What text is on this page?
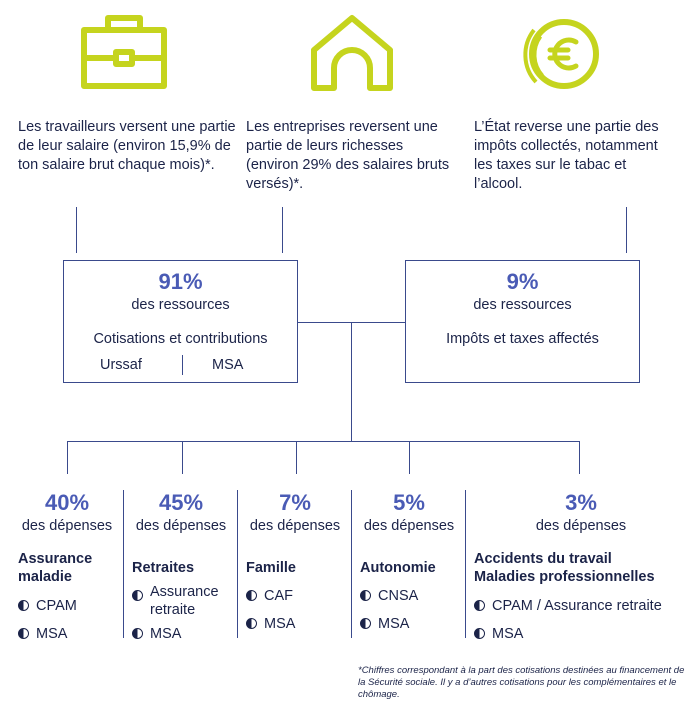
Les travailleurs versent une partie de leur salaire (environ 15,9% de ton salaire brut chaque mois)*.
Les entreprises reversent une partie de leurs richesses (environ 29% des salaires bruts versés)*.
L’État reverse une partie des impôts collectés, notamment les taxes sur le tabac et l’alcool.
91%
des ressources
Cotisations et contributions
Urssaf	MSA
9%
des ressources
Impôts et taxes affectés
40%
des dépenses
Assurance
maladie
CPAM
MSA
45%
des dépenses
Retraites
Assurance
retraite
MSA
7%
des dépenses
Famille
CAF
MSA
5%
des dépenses
Autonomie
CNSA
MSA
3%
des dépenses
Accidents du travail
Maladies professionnelles
CPAM / Assurance retraite
MSA
*Chiffres correspondant à la part des cotisations destinées au financement de la Sécurité sociale. Il y a d’autres cotisations pour les complémentaires et le chômage.
